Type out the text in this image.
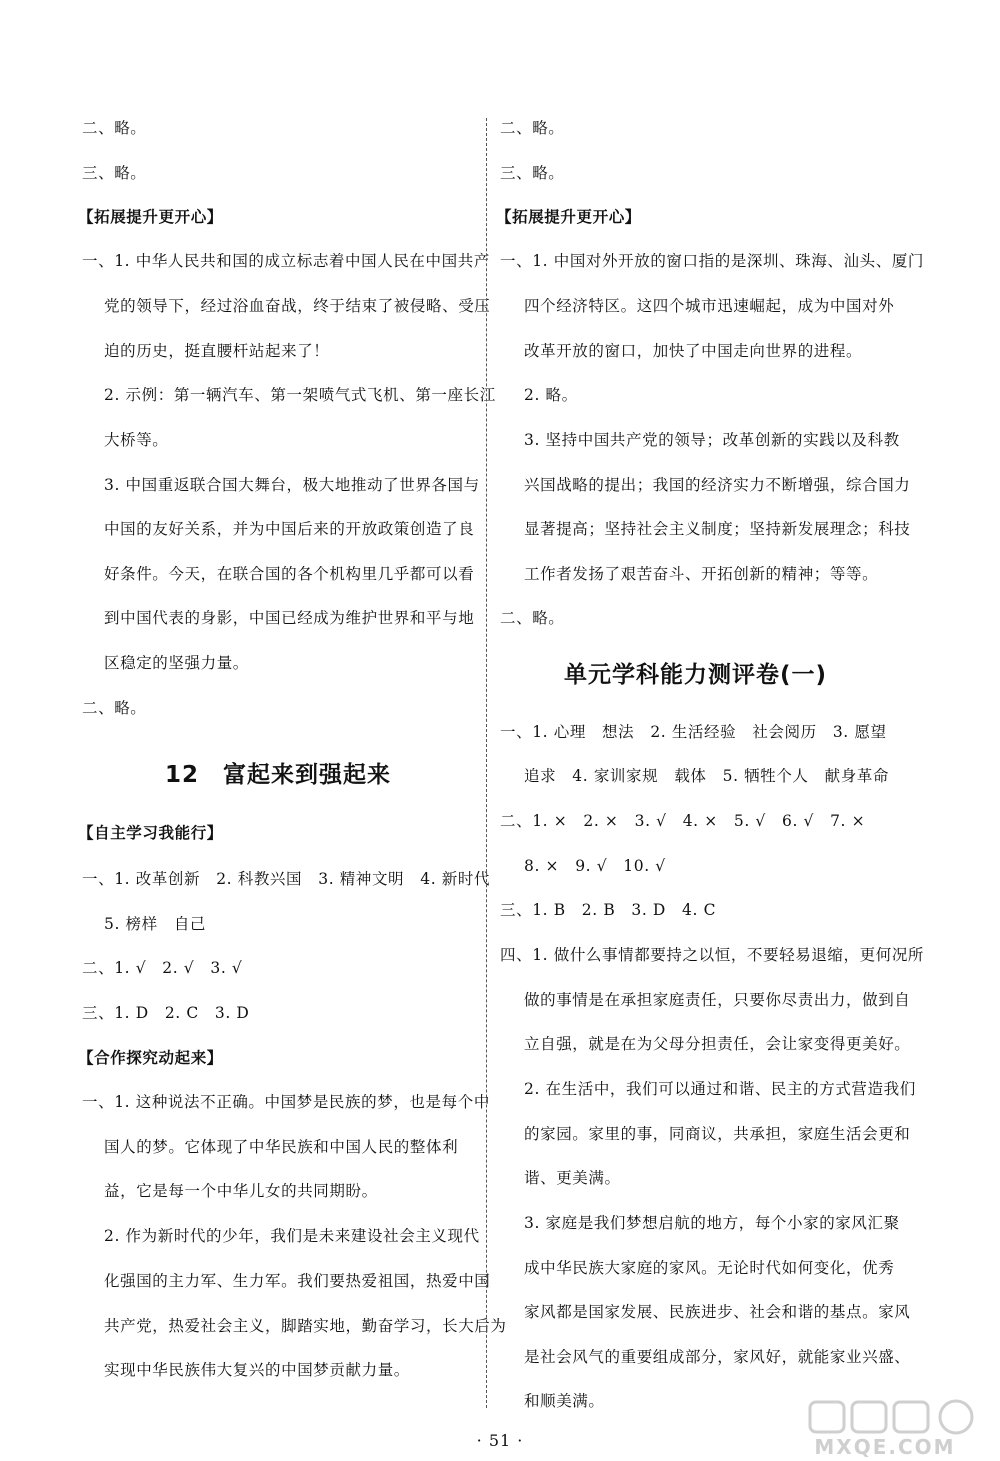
二、略。
三、略。
【拓展提升更开心】
一、1. 中华人民共和国的成立标志着中国人民在中国共产
党的领导下，经过浴血奋战，终于结束了被侵略、受压
迫的历史，挺直腰杆站起来了！
2. 示例：第一辆汽车、第一架喷气式飞机、第一座长江
大桥等。
3. 中国重返联合国大舞台，极大地推动了世界各国与
中国的友好关系，并为中国后来的开放政策创造了良
好条件。今天，在联合国的各个机构里几乎都可以看
到中国代表的身影，中国已经成为维护世界和平与地
区稳定的坚强力量。
二、略。
12　富起来到强起来
【自主学习我能行】
一、1. 改革创新　2. 科教兴国　3. 精神文明　4. 新时代
5. 榜样　自己
二、1. √　2. √　3. √
三、1. D　2. C　3. D
【合作探究动起来】
一、1. 这种说法不正确。中国梦是民族的梦，也是每个中
国人的梦。它体现了中华民族和中国人民的整体利
益，它是每一个中华儿女的共同期盼。
2. 作为新时代的少年，我们是未来建设社会主义现代
化强国的主力军、生力军。我们要热爱祖国，热爱中国
共产党，热爱社会主义，脚踏实地，勤奋学习，长大后为
实现中华民族伟大复兴的中国梦贡献力量。
二、略。
三、略。
【拓展提升更开心】
一、1. 中国对外开放的窗口指的是深圳、珠海、汕头、厦门
四个经济特区。这四个城市迅速崛起，成为中国对外
改革开放的窗口，加快了中国走向世界的进程。
2. 略。
3. 坚持中国共产党的领导；改革创新的实践以及科教
兴国战略的提出；我国的经济实力不断增强，综合国力
显著提高；坚持社会主义制度；坚持新发展理念；科技
工作者发扬了艰苦奋斗、开拓创新的精神；等等。
二、略。
单元学科能力测评卷(一)
一、1. 心理　想法　2. 生活经验　社会阅历　3. 愿望
追求　4. 家训家规　载体　5. 牺牲个人　献身革命
二、1. ×　2. ×　3. √　4. ×　5. √　6. √　7. ×
8. ×　9. √　10. √
三、1. B　2. B　3. D　4. C
四、1. 做什么事情都要持之以恒，不要轻易退缩，更何况所
做的事情是在承担家庭责任，只要你尽责出力，做到自
立自强，就是在为父母分担责任，会让家变得更美好。
2. 在生活中，我们可以通过和谐、民主的方式营造我们
的家园。家里的事，同商议，共承担，家庭生活会更和
谐、更美满。
3. 家庭是我们梦想启航的地方，每个小家的家风汇聚
成中华民族大家庭的家风。无论时代如何变化，优秀
家风都是国家发展、民族进步、社会和谐的基点。家风
是社会风气的重要组成部分，家风好，就能家业兴盛、
和顺美满。
· 51 ·	MXQE.COM
